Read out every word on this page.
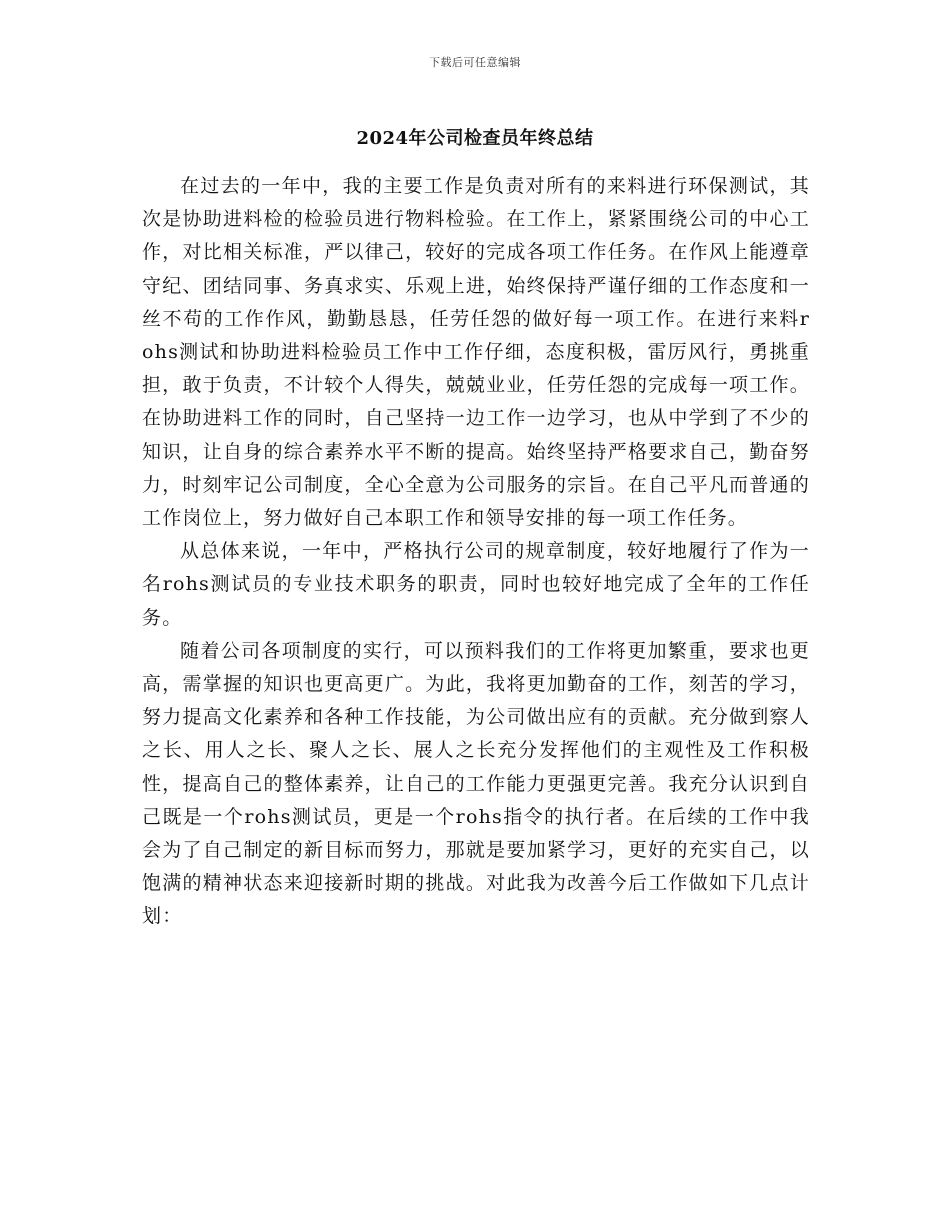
下载后可任意编辑
2024年公司检查员年终总结

在过去的一年中，我的主要工作是负责对所有的来料进行环保测试，其次是协助进料检的检验员进行物料检验。在工作上，紧紧围绕公司的中心工作，对比相关标准，严以律己，较好的完成各项工作任务。在作风上能遵章守纪、团结同事、务真求实、乐观上进，始终保持严谨仔细的工作态度和一丝不苟的工作作风，勤勤恳恳，任劳任怨的做好每一项工作。在进行来料rohs测试和协助进料检验员工作中工作仔细，态度积极，雷厉风行，勇挑重担，敢于负责，不计较个人得失，兢兢业业，任劳任怨的完成每一项工作。在协助进料工作的同时，自己坚持一边工作一边学习，也从中学到了不少的知识，让自身的综合素养水平不断的提高。始终坚持严格要求自己，勤奋努力，时刻牢记公司制度，全心全意为公司服务的宗旨。在自己平凡而普通的工作岗位上，努力做好自己本职工作和领导安排的每一项工作任务。

从总体来说，一年中，严格执行公司的规章制度，较好地履行了作为一名rohs测试员的专业技术职务的职责，同时也较好地完成了全年的工作任务。

随着公司各项制度的实行，可以预料我们的工作将更加繁重，要求也更高，需掌握的知识也更高更广。为此，我将更加勤奋的工作，刻苦的学习，努力提高文化素养和各种工作技能，为公司做出应有的贡献。充分做到察人之长、用人之长、聚人之长、展人之长充分发挥他们的主观性及工作积极性，提高自己的整体素养，让自己的工作能力更强更完善。我充分认识到自己既是一个rohs测试员，更是一个rohs指令的执行者。在后续的工作中我会为了自己制定的新目标而努力，那就是要加紧学习，更好的充实自己，以饱满的精神状态来迎接新时期的挑战。对此我为改善今后工作做如下几点计划：
